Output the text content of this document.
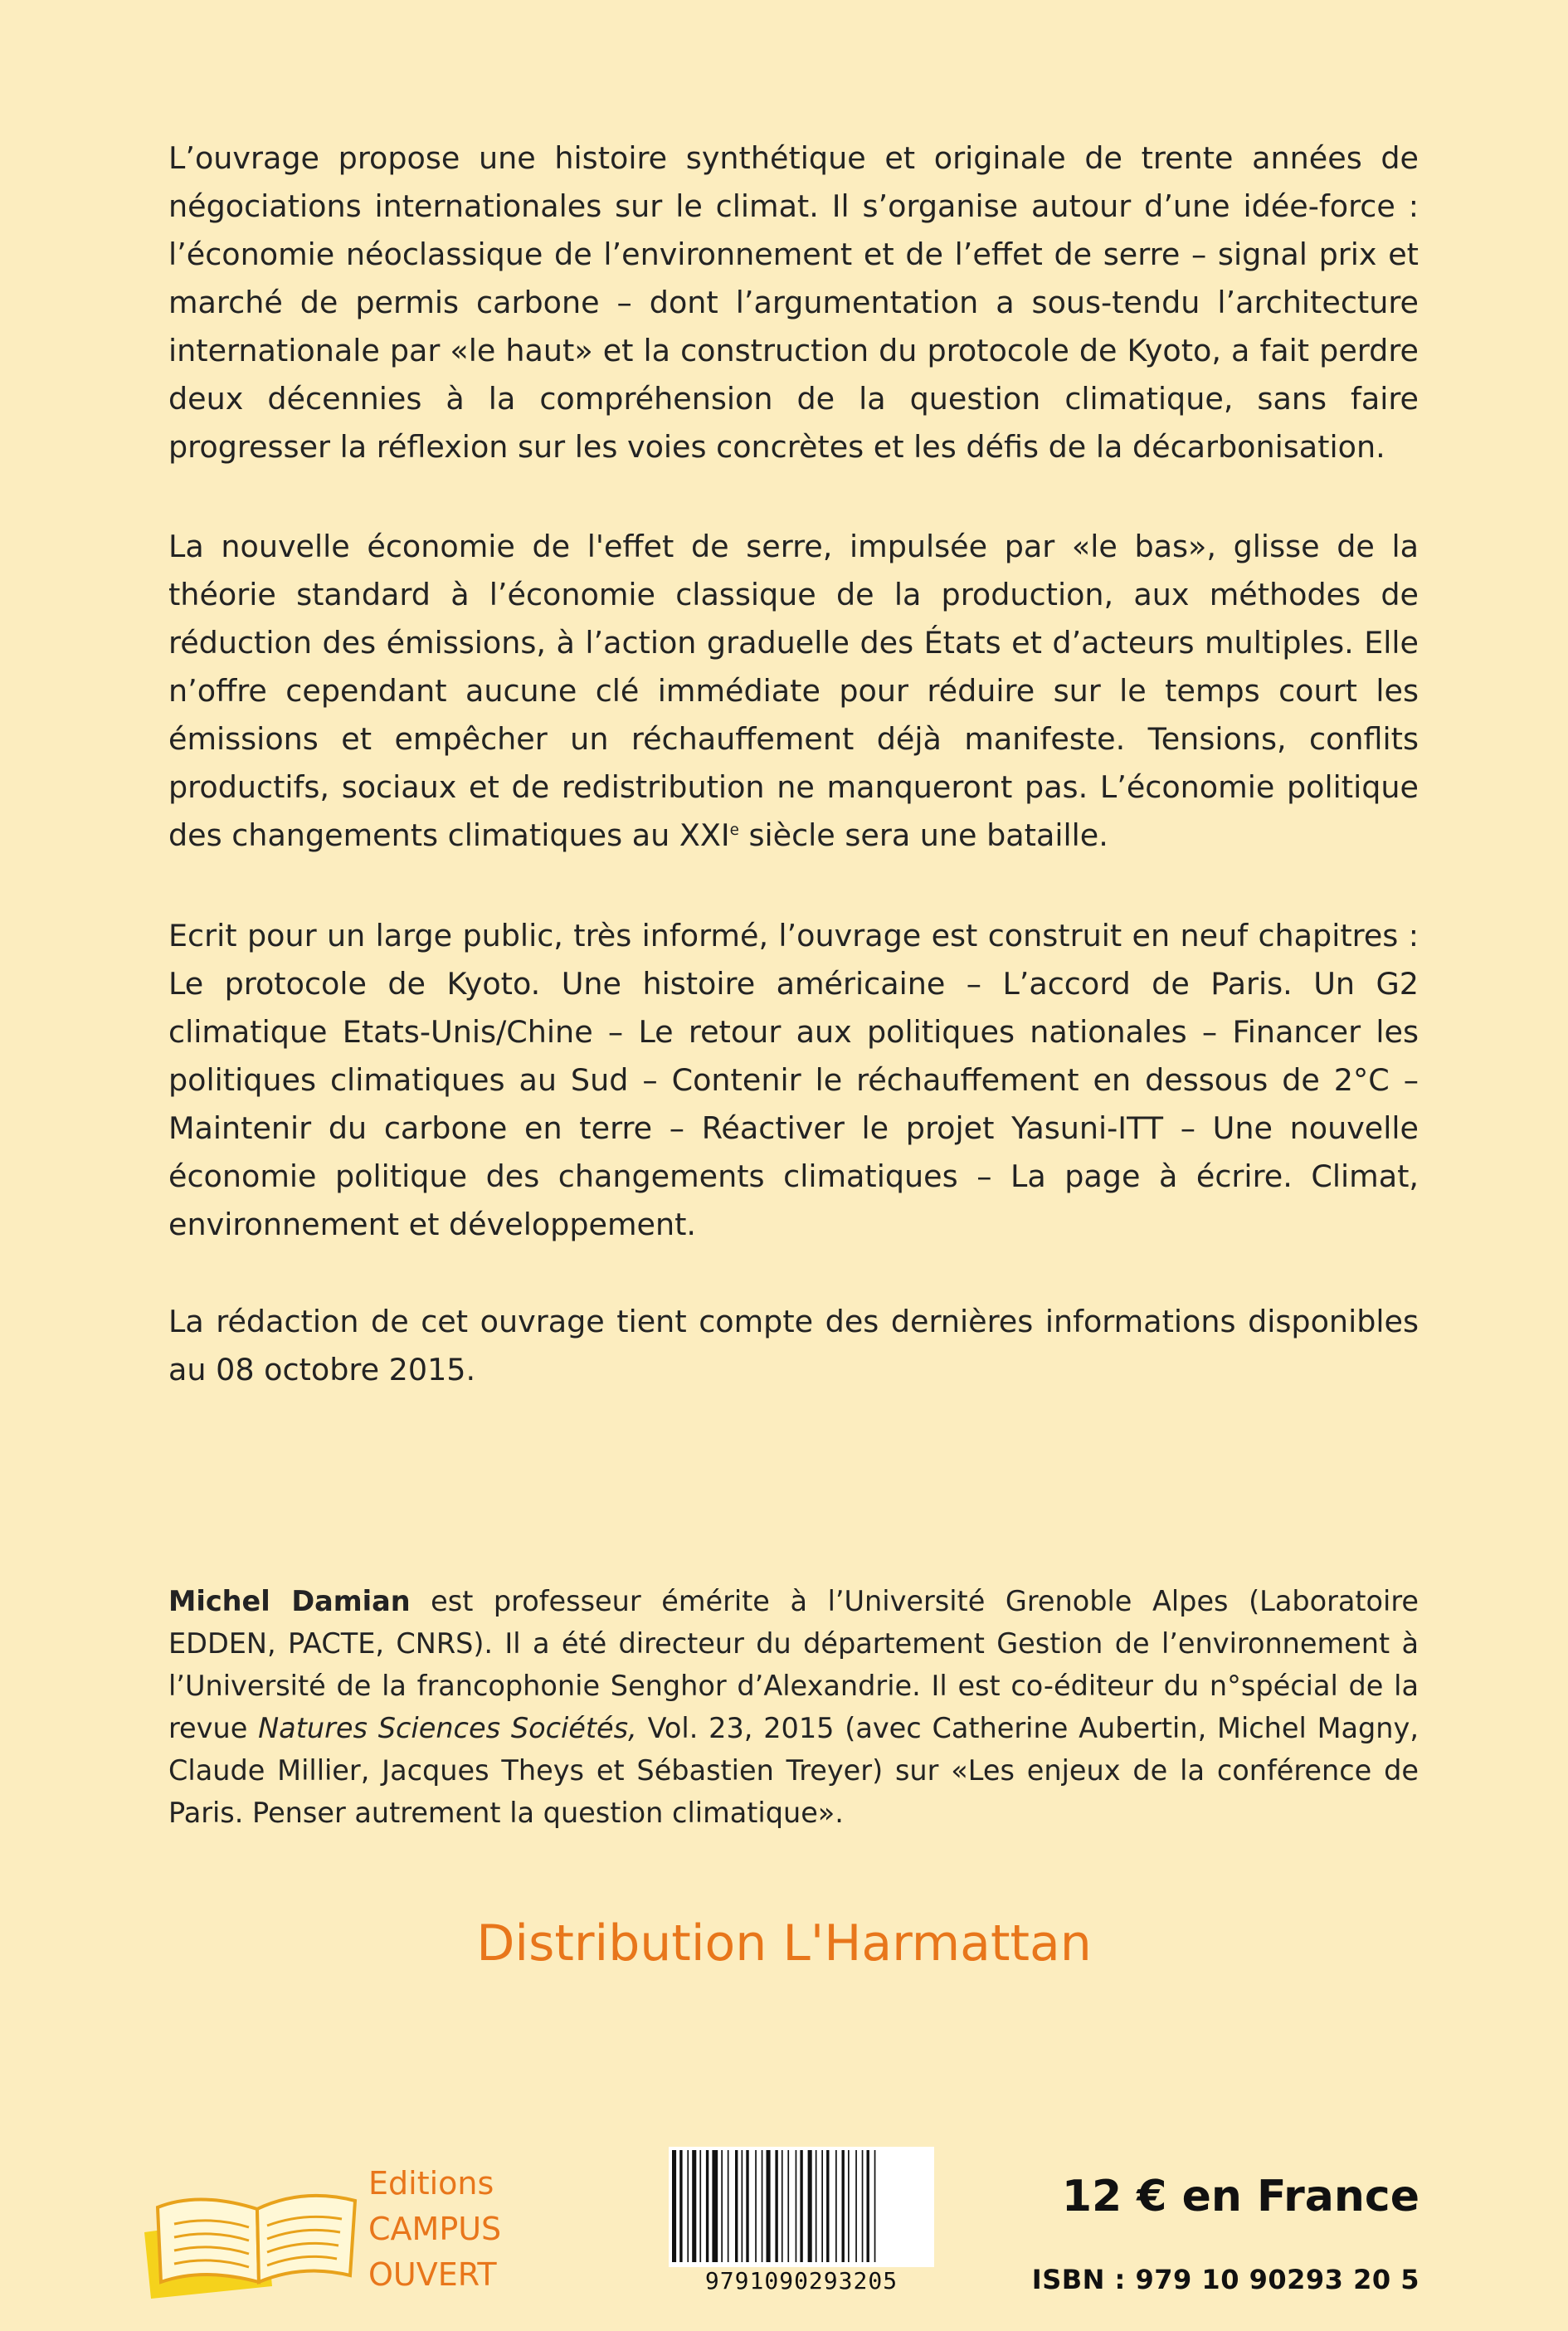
L’ouvrage propose une histoire synthétique et originale de trente années de négociations internationales sur le climat. Il s’organise autour d’une idée-force : l’économie néoclassique de l’environnement et de l’effet de serre – signal prix et marché de permis carbone – dont l’argumentation a sous-tendu l’architecture internationale par «le haut» et la construction du protocole de Kyoto, a fait perdre deux décennies à la compréhension de la question climatique, sans faire progresser la réflexion sur les voies concrètes et les défis de la décarbonisation.

La nouvelle économie de l'effet de serre, impulsée par «le bas», glisse de la théorie standard à l’économie classique de la production, aux méthodes de réduction des émissions, à l’action graduelle des États et d’acteurs multiples. Elle n’offre cependant aucune clé immédiate pour réduire sur le temps court les émissions et empêcher un réchauffement déjà manifeste. Tensions, conflits productifs, sociaux et de redistribution ne manqueront pas. L’économie politique des changements climatiques au XXIe siècle sera une bataille.

Ecrit pour un large public, très informé, l’ouvrage est construit en neuf chapitres : Le protocole de Kyoto. Une histoire américaine – L’accord de Paris. Un G2 climatique Etats-Unis/Chine – Le retour aux politiques nationales – Financer les politiques climatiques au Sud – Contenir le réchauffement en dessous de 2°C – Maintenir du carbone en terre – Réactiver le projet Yasuni-ITT – Une nouvelle économie politique des changements climatiques – La page à écrire. Climat, environnement et développement.

La rédaction de cet ouvrage tient compte des dernières informations disponibles au 08 octobre 2015.

Michel Damian est professeur émérite à l’Université Grenoble Alpes (Laboratoire EDDEN, PACTE, CNRS). Il a été directeur du département Gestion de l’environnement à l’Université de la francophonie Senghor d’Alexandrie. Il est co-éditeur du n°spécial de la revue Natures Sciences Sociétés, Vol. 23, 2015 (avec Catherine Aubertin, Michel Magny, Claude Millier, Jacques Theys et Sébastien Treyer) sur «Les enjeux de la conférence de Paris. Penser autrement la question climatique».

Distribution L'Harmattan
Editions
CAMPUS
OUVERT	9791090293205
12 € en France
ISBN : 979 10 90293 20 5
